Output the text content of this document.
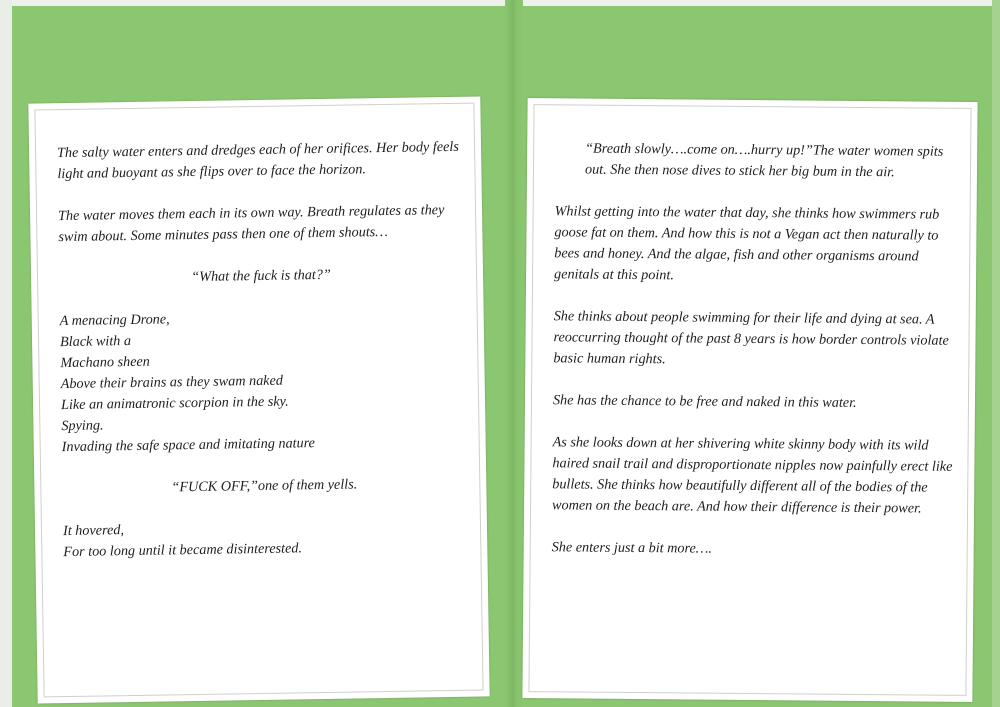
The salty water enters and dredges each of her orifices. Her body feels light and buoyant as she flips over to face the horizon.

The water moves them each in its own way. Breath regulates as they swim about. Some minutes pass then one of them shouts…

“What the fuck is that?”

A menacing Drone,
Black with a
Machano sheen
Above their brains as they swam naked
Like an animatronic scorpion in the sky.
Spying.
Invading the safe space and imitating nature

“FUCK OFF,”one of them yells.

It hovered,
For too long until it became disinterested.

“Breath slowly….come on….hurry up!”The water women spits out. She then nose dives to stick her big bum in the air.

Whilst getting into the water that day, she thinks how swimmers rub goose fat on them. And how this is not a Vegan act then naturally to bees and honey. And the algae, fish and other organisms around genitals at this point.

She thinks about people swimming for their life and dying at sea. A reoccurring thought of the past 8 years is how border controls violate basic human rights.

She has the chance to be free and naked in this water.

As she looks down at her shivering white skinny body with its wild haired snail trail and disproportionate nipples now painfully erect like bullets. She thinks how beautifully different all of the bodies of the women on the beach are. And how their difference is their power.

She enters just a bit more….
